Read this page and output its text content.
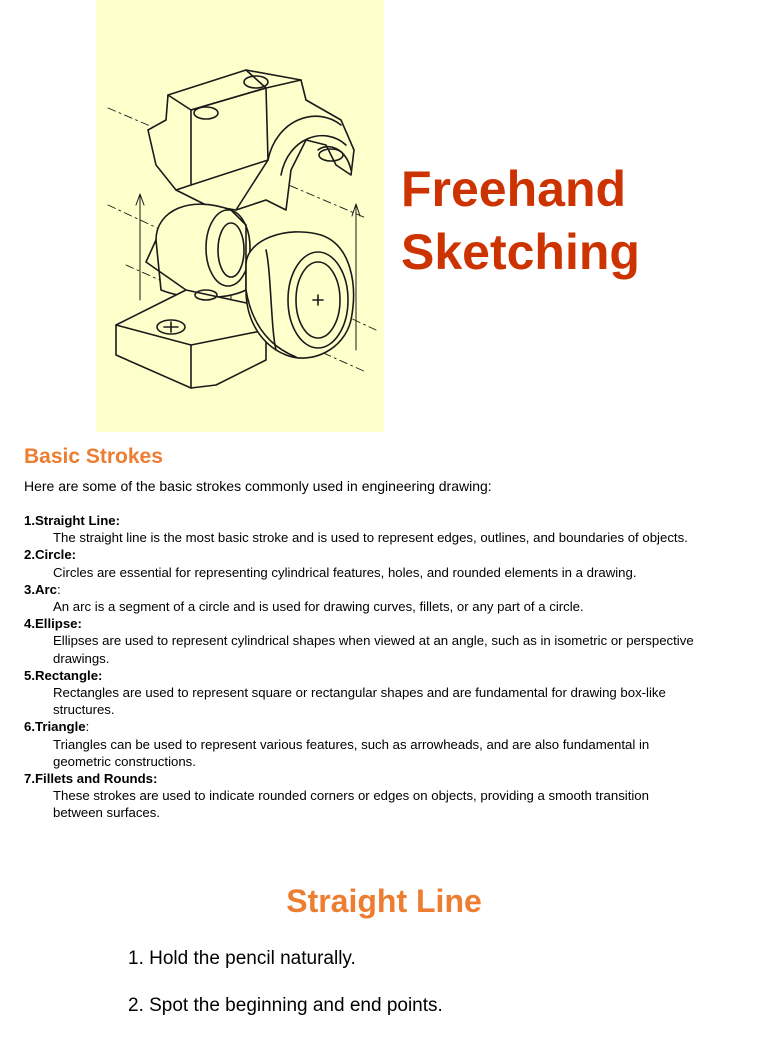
Freehand
Sketching
Basic Strokes

Here are some of the basic strokes commonly used in engineering drawing:

1.Straight Line:
The straight line is the most basic stroke and is used to represent edges, outlines, and boundaries of objects.
2.Circle:
Circles are essential for representing cylindrical features, holes, and rounded elements in a drawing.
3.Arc:
An arc is a segment of a circle and is used for drawing curves, fillets, or any part of a circle.
4.Ellipse:
Ellipses are used to represent cylindrical shapes when viewed at an angle, such as in isometric or perspective drawings.
5.Rectangle:
Rectangles are used to represent square or rectangular shapes and are fundamental for drawing box-like structures.
6.Triangle:
Triangles can be used to represent various features, such as arrowheads, and are also fundamental in geometric constructions.
7.Fillets and Rounds:
These strokes are used to indicate rounded corners or edges on objects, providing a smooth transition between surfaces.
Straight Line
1. Hold the pencil naturally.
2. Spot the beginning and end points.
